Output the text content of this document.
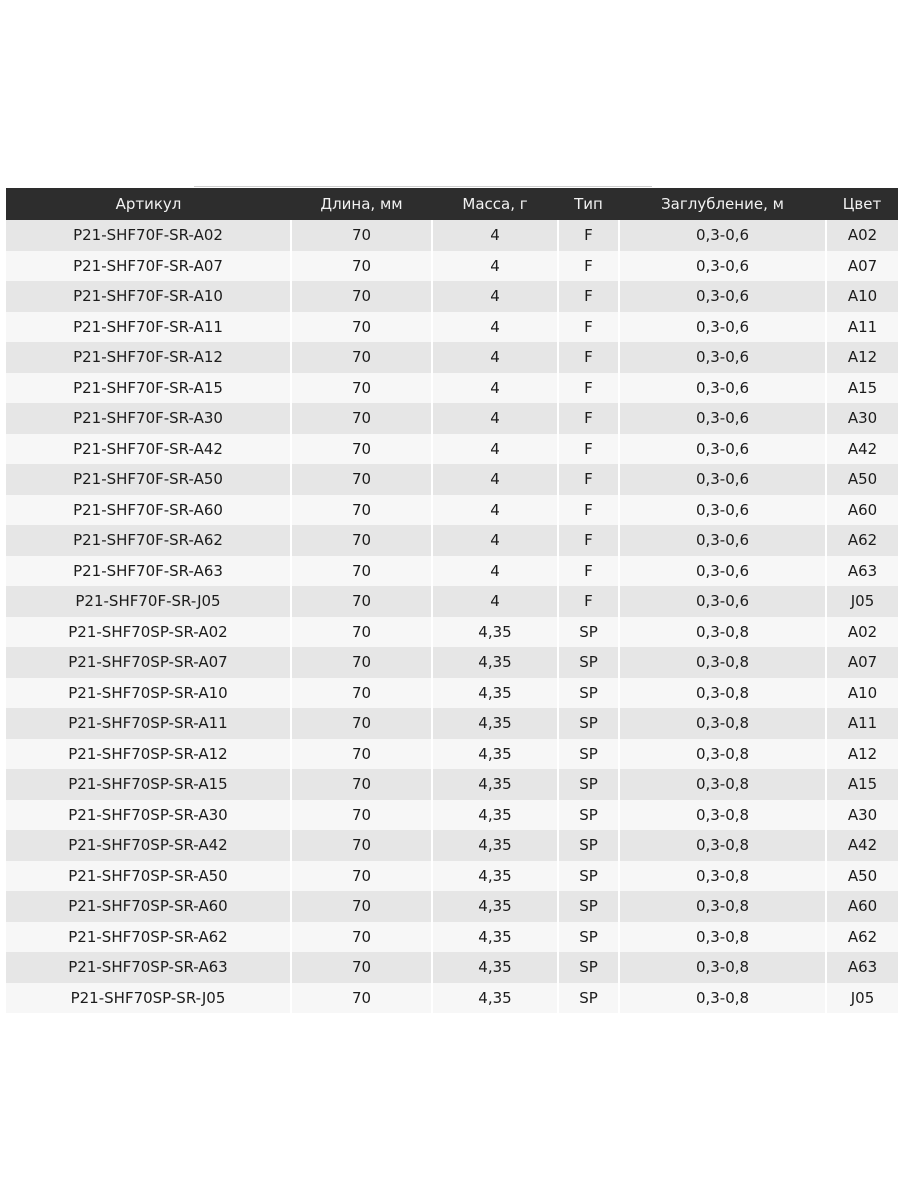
Артикул	Длина, мм	Масса, г	Тип	Заглубление, м	Цвет
P21-SHF70F-SR-A02	70	4	F	0,3-0,6	A02
P21-SHF70F-SR-A07	70	4	F	0,3-0,6	A07
P21-SHF70F-SR-A10	70	4	F	0,3-0,6	A10
P21-SHF70F-SR-A11	70	4	F	0,3-0,6	A11
P21-SHF70F-SR-A12	70	4	F	0,3-0,6	A12
P21-SHF70F-SR-A15	70	4	F	0,3-0,6	A15
P21-SHF70F-SR-A30	70	4	F	0,3-0,6	A30
P21-SHF70F-SR-A42	70	4	F	0,3-0,6	A42
P21-SHF70F-SR-A50	70	4	F	0,3-0,6	A50
P21-SHF70F-SR-A60	70	4	F	0,3-0,6	A60
P21-SHF70F-SR-A62	70	4	F	0,3-0,6	A62
P21-SHF70F-SR-A63	70	4	F	0,3-0,6	A63
P21-SHF70F-SR-J05	70	4	F	0,3-0,6	J05
P21-SHF70SP-SR-A02	70	4,35	SP	0,3-0,8	A02
P21-SHF70SP-SR-A07	70	4,35	SP	0,3-0,8	A07
P21-SHF70SP-SR-A10	70	4,35	SP	0,3-0,8	A10
P21-SHF70SP-SR-A11	70	4,35	SP	0,3-0,8	A11
P21-SHF70SP-SR-A12	70	4,35	SP	0,3-0,8	A12
P21-SHF70SP-SR-A15	70	4,35	SP	0,3-0,8	A15
P21-SHF70SP-SR-A30	70	4,35	SP	0,3-0,8	A30
P21-SHF70SP-SR-A42	70	4,35	SP	0,3-0,8	A42
P21-SHF70SP-SR-A50	70	4,35	SP	0,3-0,8	A50
P21-SHF70SP-SR-A60	70	4,35	SP	0,3-0,8	A60
P21-SHF70SP-SR-A62	70	4,35	SP	0,3-0,8	A62
P21-SHF70SP-SR-A63	70	4,35	SP	0,3-0,8	A63
P21-SHF70SP-SR-J05	70	4,35	SP	0,3-0,8	J05
